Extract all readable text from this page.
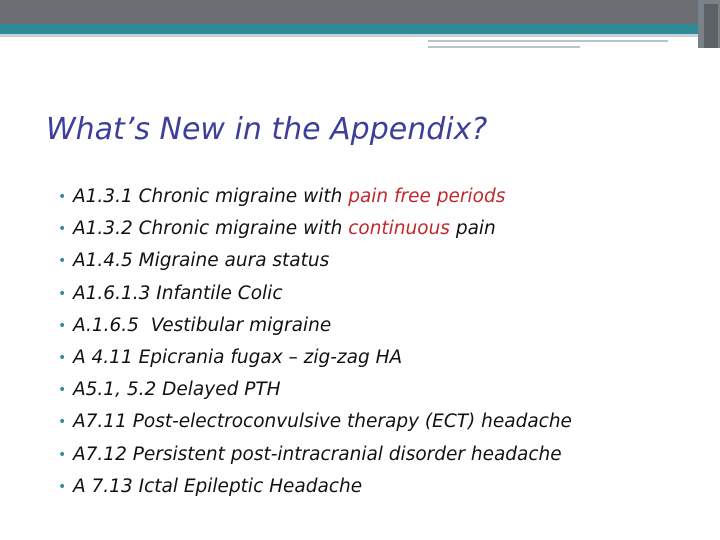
What’s New in the Appendix?
• A1.3.1 Chronic migraine with pain free periods
• A1.3.2 Chronic migraine with continuous pain
• A1.4.5 Migraine aura status
• A1.6.1.3 Infantile Colic
• A.1.6.5  Vestibular migraine
• A 4.11 Epicrania fugax – zig-zag HA
• A5.1, 5.2 Delayed PTH
• A7.11 Post-electroconvulsive therapy (ECT) headache
• A7.12 Persistent post-intracranial disorder headache
• A 7.13 Ictal Epileptic Headache
